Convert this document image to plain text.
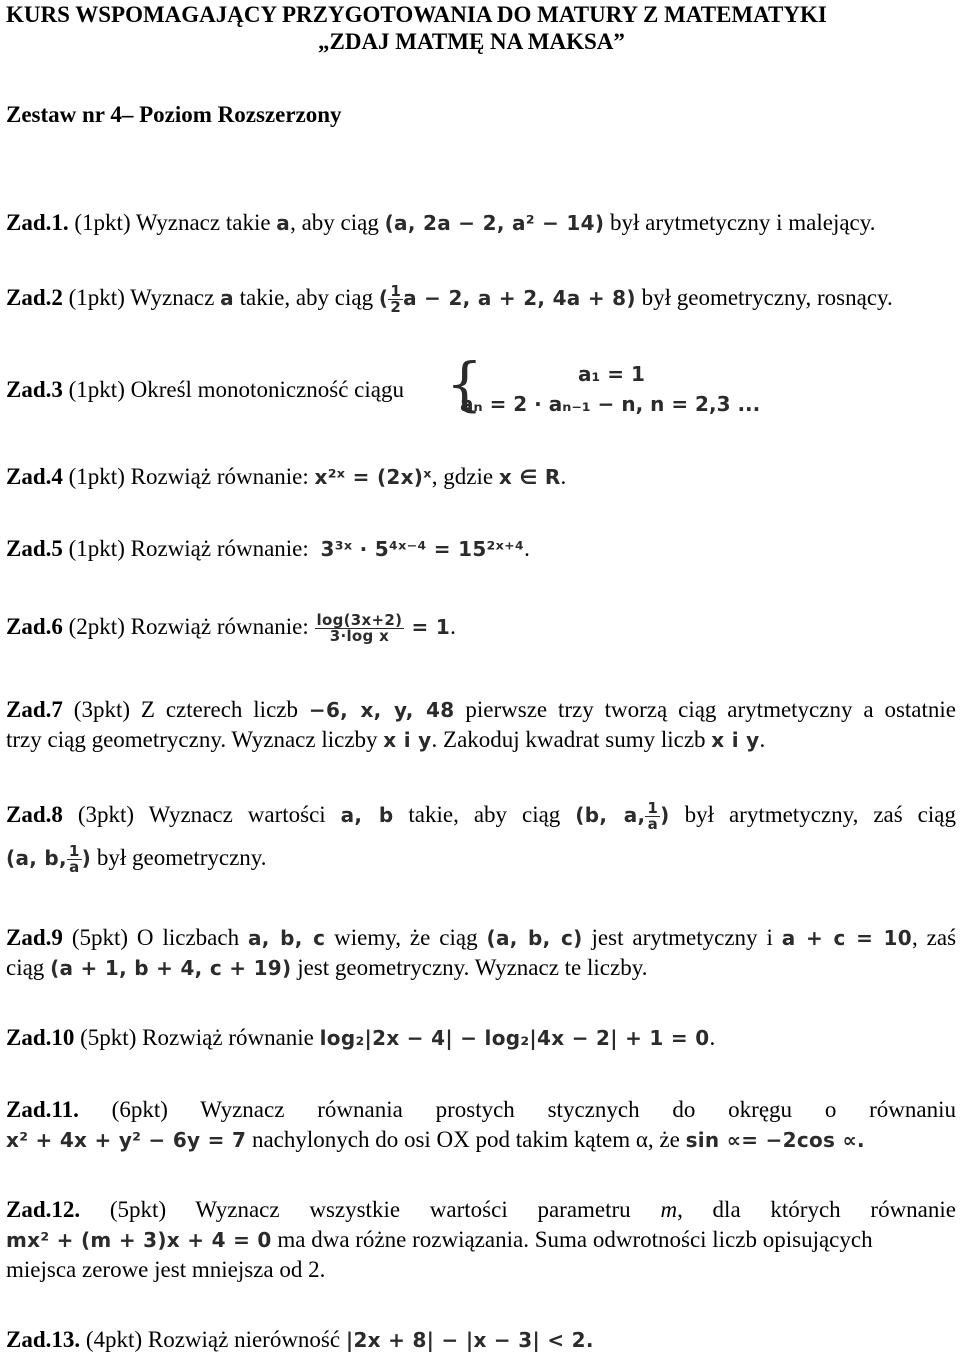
KURS WSPOMAGAJĄCY PRZYGOTOWANIA DO MATURY Z MATEMATYKI
„ZDAJ MATMĘ NA MAKSA”
Zestaw nr 4– Poziom Rozszerzony
Zad.1. (1pkt) Wyznacz takie a, aby ciąg (a, 2a − 2, a² − 14) był arytmetyczny i malejący.
Zad.2 (1pkt) Wyznacz a takie, aby ciąg ( $\frac{1}{2}$ a − 2, a + 2, 4a + 8) był geometryczny, rosnący.
Zad.3 (1pkt) Określ monotoniczność ciągu {	a₁ = 1
aₙ = 2 · aₙ₋₁ − n, n = 2,3 ...
Zad.4 (1pkt) Rozwiąż równanie: x²ˣ = (2x)ˣ, gdzie x ∈ R.
Zad.5 (1pkt) Rozwiąż równanie: 3³ˣ · 5⁴ˣ⁻⁴ = 15²ˣ⁺⁴.
Zad.6 (2pkt) Rozwiąż równanie: $\frac{\log(3x+2)}{\text{3·log x}} = 1$.
Zad.7 (3pkt) Z czterech liczb −6, x, y, 48 pierwsze trzy tworzą ciąg arytmetyczny a ostatnie
trzy ciąg geometryczny. Wyznacz liczby x i y. Zakoduj kwadrat sumy liczb x i y.
Zad.8 (3pkt) Wyznacz wartości a, b takie, aby ciąg (b, a, $\frac{1}{a}$ ) był arytmetyczny, zaś ciąg
(a, b, $\frac{1}{a}$ ) był geometryczny.
Zad.9 (5pkt) O liczbach a, b, c wiemy, że ciąg (a, b, c) jest arytmetyczny i a + c = 10, zaś
ciąg (a + 1, b + 4, c + 19) jest geometryczny. Wyznacz te liczby.
Zad.10 (5pkt) Rozwiąż równanie log₂|2x − 4| − log₂|4x − 2| + 1 = 0.
Zad.11. (6pkt) Wyznacz równania prostych stycznych do okręgu o równaniu
x² + 4x + y² − 6y = 7 nachylonych do osi OX pod takim kątem α, że sin ∝= −2cos ∝.
Zad.12. (5pkt) Wyznacz wszystkie wartości parametru m, dla których równanie
mx² + (m + 3)x + 4 = 0 ma dwa różne rozwiązania. Suma odwrotności liczb opisujących
miejsca zerowe jest mniejsza od 2.
Zad.13. (4pkt) Rozwiąż nierówność |2x + 8| − |x − 3| < 2.
